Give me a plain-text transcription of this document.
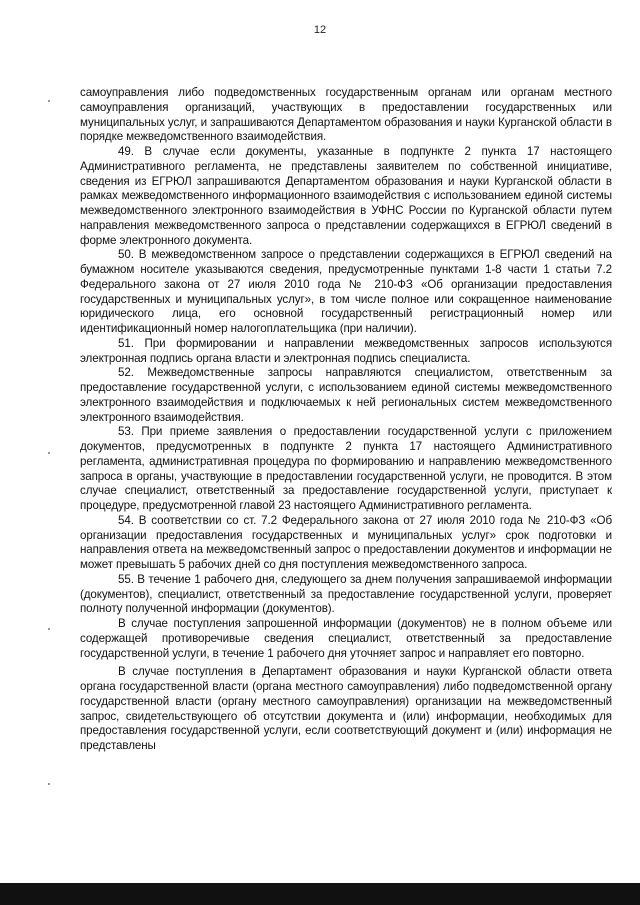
12

самоуправления либо подведомственных государственным органам или органам местного самоуправления организаций, участвующих в предоставлении государственных или муниципальных услуг, и запрашиваются Департаментом образования и науки Курганской области в порядке межведомственного взаимодействия.

49. В случае если документы, указанные в подпункте 2 пункта 17 настоящего Административного регламента, не представлены заявителем по собственной инициативе, сведения из ЕГРЮЛ запрашиваются Департаментом образования и науки Курганской области в рамках межведомственного информационного взаимодействия с использованием единой системы межведомственного электронного взаимодействия в УФНС России по Курганской области путем направления межведомственного запроса о представлении содержащихся в ЕГРЮЛ сведений в форме электронного документа.

50. В межведомственном запросе о представлении содержащихся в ЕГРЮЛ сведений на бумажном носителе указываются сведения, предусмотренные пунктами 1-8 части 1 статьи 7.2 Федерального закона от 27 июля 2010 года № 210-ФЗ «Об организации предоставления государственных и муниципальных услуг», в том числе полное или сокращенное наименование юридического лица, его основной государственный регистрационный номер или идентификационный номер налогоплательщика (при наличии).

51. При формировании и направлении межведомственных запросов используются электронная подпись органа власти и электронная подпись специалиста.

52. Межведомственные запросы направляются специалистом, ответственным за предоставление государственной услуги, с использованием единой системы межведомственного электронного взаимодействия и подключаемых к ней региональных систем межведомственного электронного взаимодействия.

53. При приеме заявления о предоставлении государственной услуги с приложением документов, предусмотренных в подпункте 2 пункта 17 настоящего Административного регламента, административная процедура по формированию и направлению межведомственного запроса в органы, участвующие в предоставлении государственной услуги, не проводится. В этом случае специалист, ответственный за предоставление государственной услуги, приступает к процедуре, предусмотренной главой 23 настоящего Административного регламента.

54. В соответствии со ст. 7.2 Федерального закона от 27 июля 2010 года № 210-ФЗ «Об организации предоставления государственных и муниципальных услуг» срок подготовки и направления ответа на межведомственный запрос о предоставлении документов и информации не может превышать 5 рабочих дней со дня поступления межведомственного запроса.

55. В течение 1 рабочего дня, следующего за днем получения запрашиваемой информации (документов), специалист, ответственный за предоставление государственной услуги, проверяет полноту полученной информации (документов).

В случае поступления запрошенной информации (документов) не в полном объеме или содержащей противоречивые сведения специалист, ответственный за предоставление государственной услуги, в течение 1 рабочего дня уточняет запрос и направляет его повторно.

В случае поступления в Департамент образования и науки Курганской области ответа органа государственной власти (органа местного самоуправления) либо подведомственной органу государственной власти (органу местного самоуправления) организации на межведомственный запрос, свидетельствующего об отсутствии документа и (или) информации, необходимых для предоставления государственной услуги, если соответствующий документ и (или) информация не представлены
